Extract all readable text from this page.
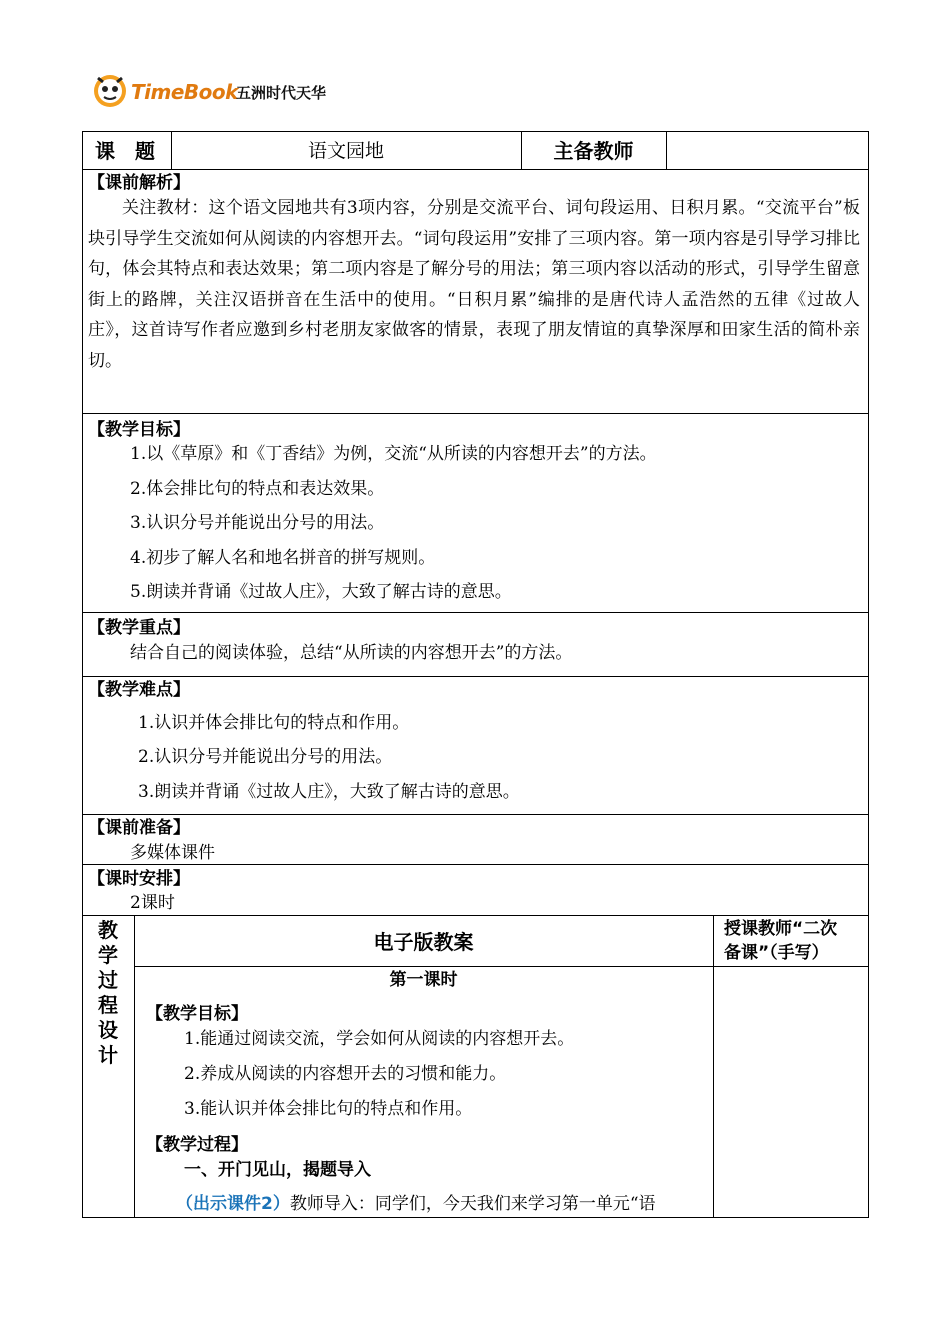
TimeBook
五洲时代天华
课　题	语文园地	主备教师
【课前解析】

关注教材：这个语文园地共有3项内容，分别是交流平台、词句段运用、日积月累。“交流平台”板块引导学生交流如何从阅读的内容想开去。“词句段运用”安排了三项内容。第一项内容是引导学习排比句，体会其特点和表达效果；第二项内容是了解分号的用法；第三项内容以活动的形式，引导学生留意街上的路牌，关注汉语拼音在生活中的使用。“日积月累”编排的是唐代诗人孟浩然的五律《过故人庄》，这首诗写作者应邀到乡村老朋友家做客的情景，表现了朋友情谊的真挚深厚和田家生活的简朴亲切。

【教学目标】
1.以《草原》和《丁香结》为例，交流“从所读的内容想开去”的方法。
2.体会排比句的特点和表达效果。
3.认识分号并能说出分号的用法。
4.初步了解人名和地名拼音的拼写规则。
5.朗读并背诵《过故人庄》，大致了解古诗的意思。
【教学重点】
结合自己的阅读体验，总结“从所读的内容想开去”的方法。
【教学难点】
1.认识并体会排比句的特点和作用。
2.认识分号并能说出分号的用法。
3.朗读并背诵《过故人庄》，大致了解古诗的意思。
【课前准备】
多媒体课件
【课时安排】
2课时
教
学
过
程
设
计
电子版教案
授课教师“二次
备课”（手写）
第一课时
【教学目标】
1.能通过阅读交流，学会如何从阅读的内容想开去。
2.养成从阅读的内容想开去的习惯和能力。
3.能认识并体会排比句的特点和作用。
【教学过程】
一、开门见山，揭题导入
（出示课件2）教师导入：同学们，今天我们来学习第一单元“语
